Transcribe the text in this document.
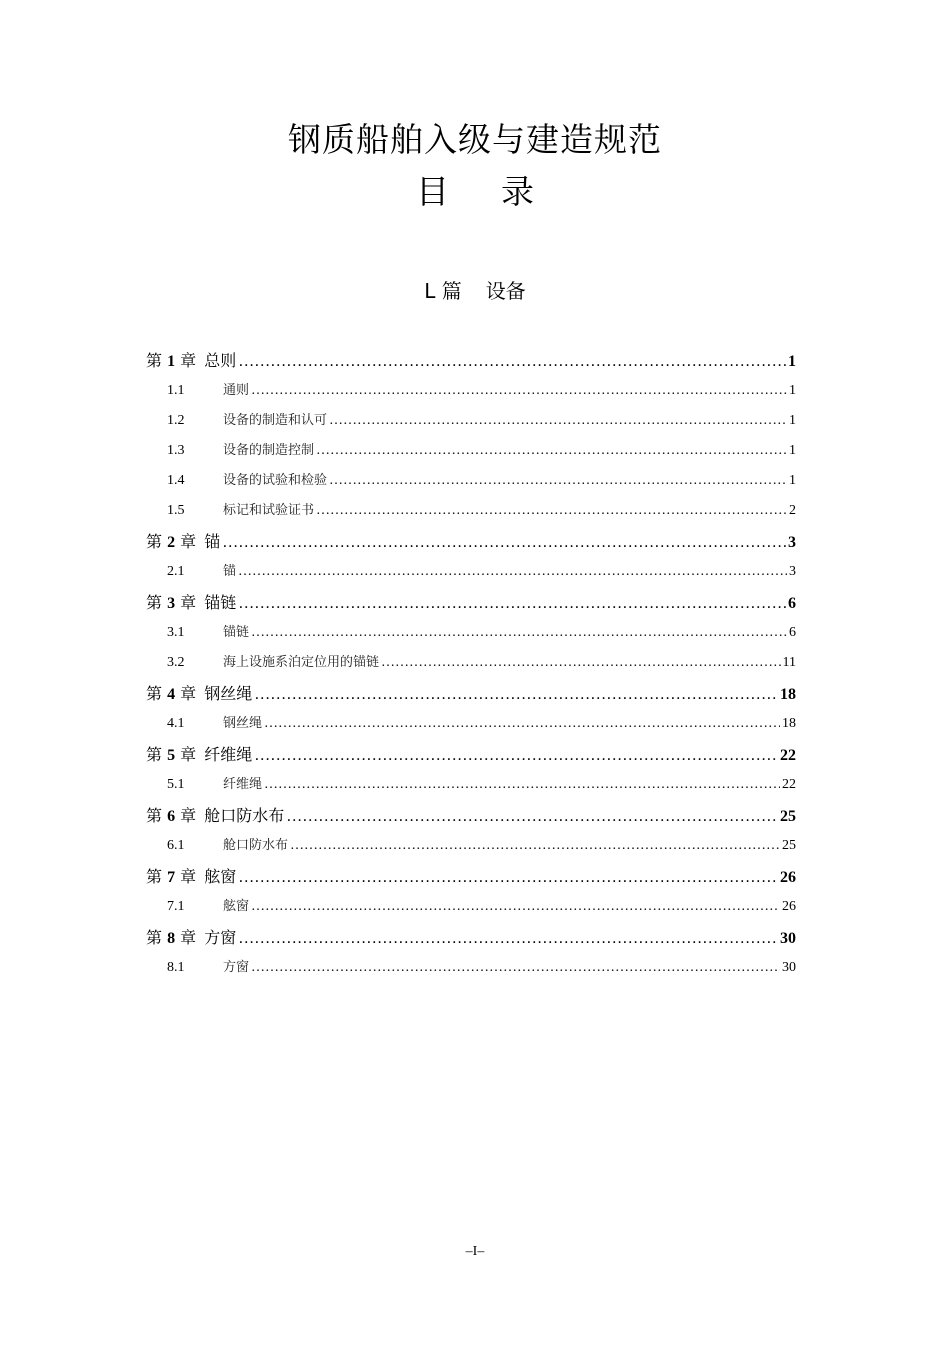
钢质船舶入级与建造规范
目录
L 篇 设备
第 1 章 总则 …………………………………………………………………………………………………………………………………………………………	1
1.1	通则 …………………………………………………………………………………………………………………………………………………………	1
1.2	设备的制造和认可 …………………………………………………………………………………………………………………………………………………………	1
1.3	设备的制造控制 …………………………………………………………………………………………………………………………………………………………	1
1.4	设备的试验和检验 …………………………………………………………………………………………………………………………………………………………	1
1.5	标记和试验证书 …………………………………………………………………………………………………………………………………………………………	2
第 2 章 锚 …………………………………………………………………………………………………………………………………………………………	3
2.1	锚 …………………………………………………………………………………………………………………………………………………………	3
第 3 章 锚链 …………………………………………………………………………………………………………………………………………………………	6
3.1	锚链 …………………………………………………………………………………………………………………………………………………………	6
3.2	海上设施系泊定位用的锚链 …………………………………………………………………………………………………………………………………………………………	11
第 4 章 钢丝绳 …………………………………………………………………………………………………………………………………………………………	18
4.1	钢丝绳 …………………………………………………………………………………………………………………………………………………………	18
第 5 章 纤维绳 …………………………………………………………………………………………………………………………………………………………	22
5.1	纤维绳 …………………………………………………………………………………………………………………………………………………………	22
第 6 章 舱口防水布 …………………………………………………………………………………………………………………………………………………………	25
6.1	舱口防水布 …………………………………………………………………………………………………………………………………………………………	25
第 7 章 舷窗 …………………………………………………………………………………………………………………………………………………………	26
7.1	舷窗 …………………………………………………………………………………………………………………………………………………………	26
第 8 章 方窗 …………………………………………………………………………………………………………………………………………………………	30
8.1	方窗 …………………………………………………………………………………………………………………………………………………………	30
–I–
